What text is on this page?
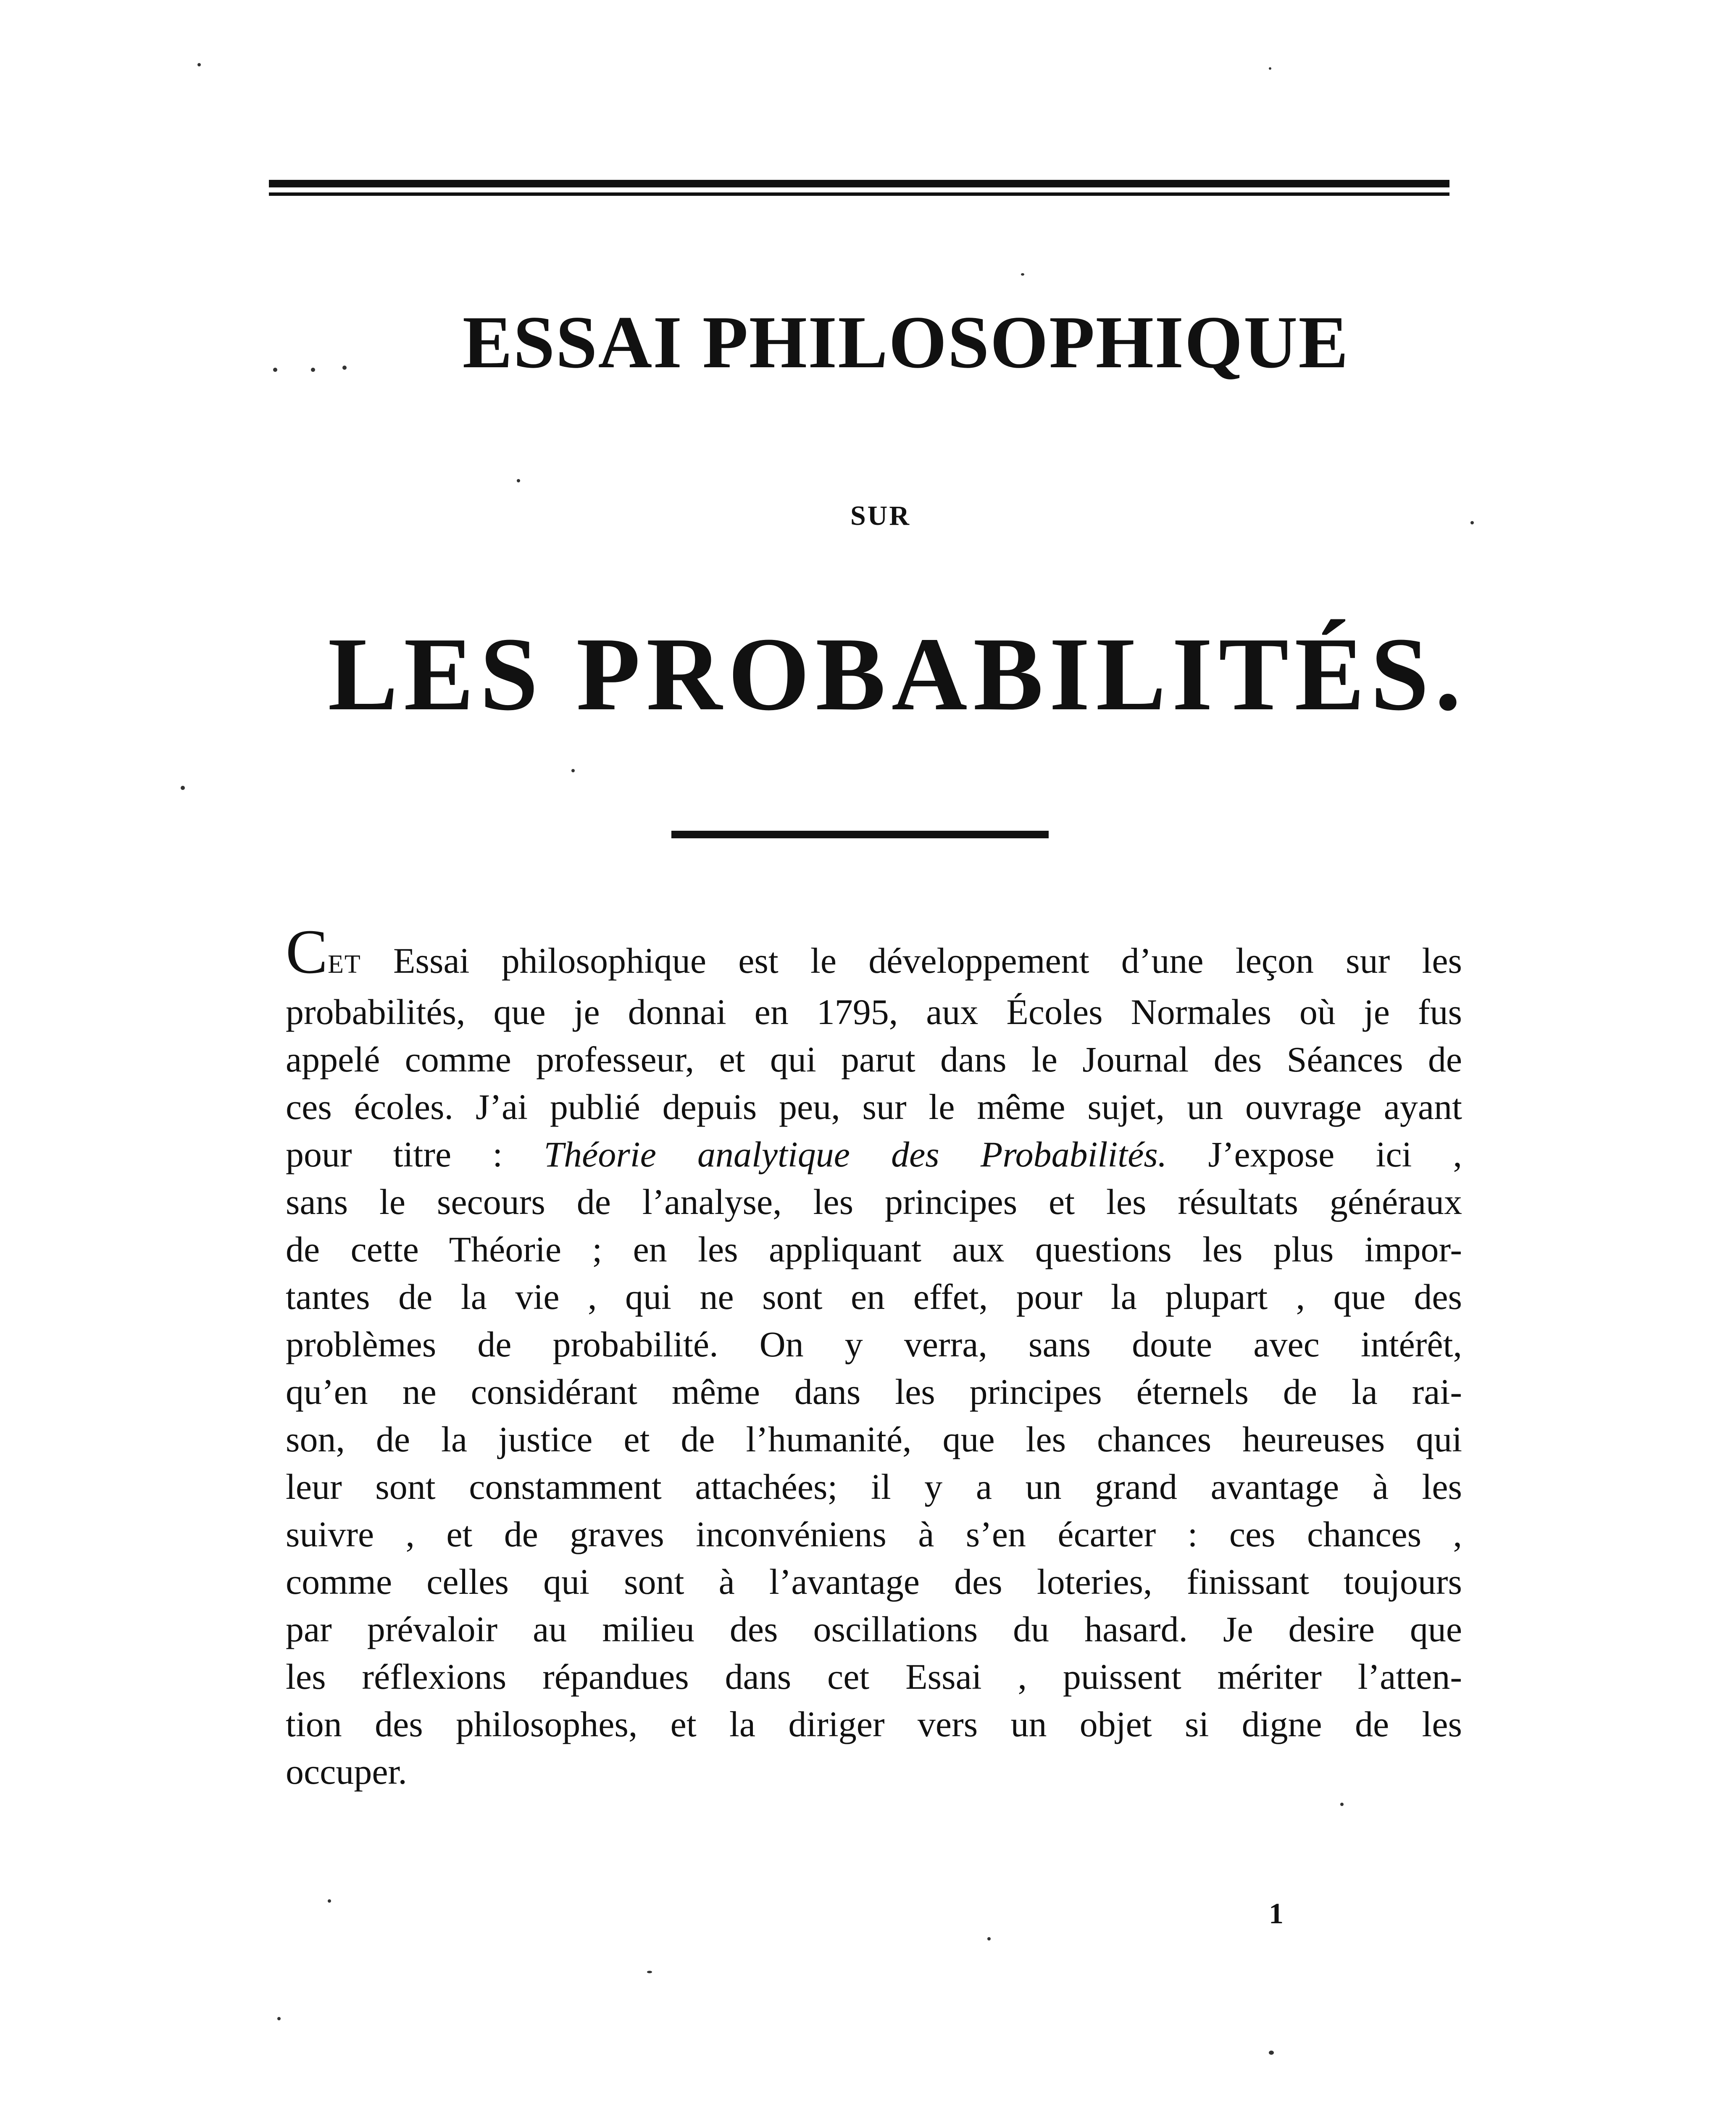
ESSAI PHILOSOPHIQUE
SUR
LES PROBABILITÉS.
CET Essai philosophique est le développement d’une leçon sur les
probabilités, que je donnai en 1795, aux Écoles Normales où je fus
appelé comme professeur, et qui parut dans le Journal des Séances de
ces écoles. J’ai publié depuis peu, sur le même sujet, un ouvrage ayant
pour titre : Théorie analytique des Probabilités. J’expose ici ,
sans le secours de l’analyse, les principes et les résultats généraux
de cette Théorie ; en les appliquant aux questions les plus impor-
tantes de la vie , qui ne sont en effet, pour la plupart , que des
problèmes de probabilité. On y verra, sans doute avec intérêt,
qu’en ne considérant même dans les principes éternels de la rai-
son, de la justice et de l’humanité, que les chances heureuses qui
leur sont constamment attachées; il y a un grand avantage à les
suivre , et de graves inconvéniens à s’en écarter : ces chances ,
comme celles qui sont à l’avantage des loteries, finissant toujours
par prévaloir au milieu des oscillations du hasard. Je desire que
les réflexions répandues dans cet Essai , puissent mériter l’atten-
tion des philosophes, et la diriger vers un objet si digne de les
occuper.
1
